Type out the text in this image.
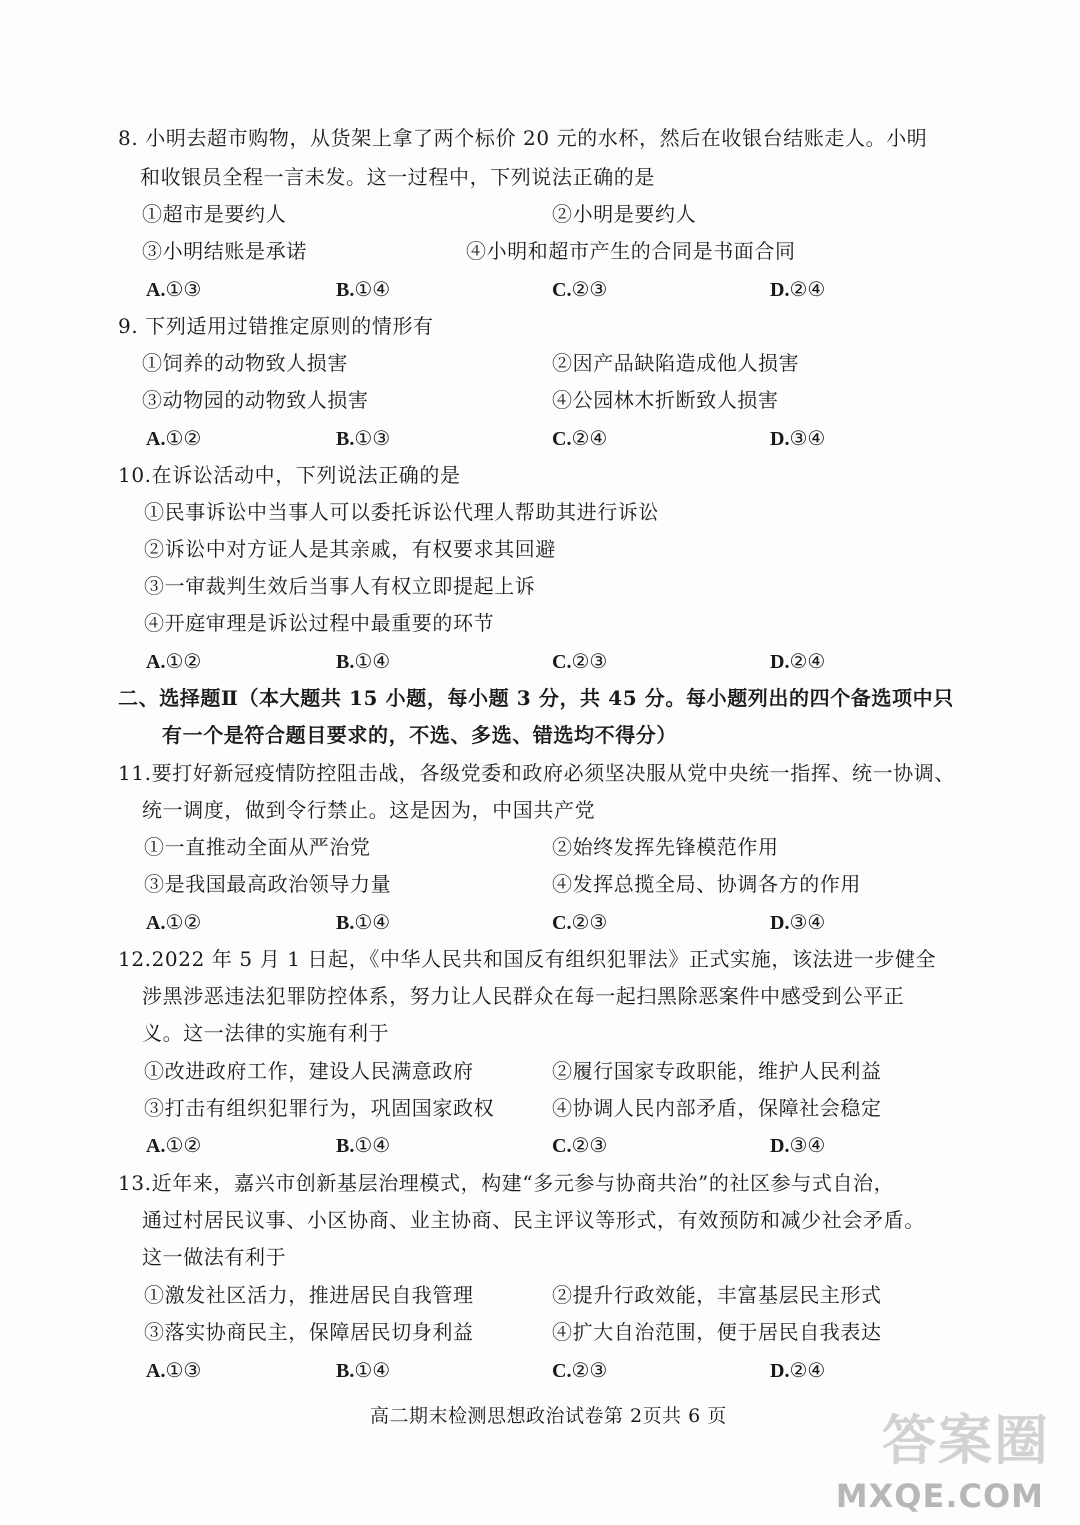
8. 小明去超市购物，从货架上拿了两个标价 20 元的水杯，然后在收银台结账走人。小明
和收银员全程一言未发。这一过程中，下列说法正确的是
①超市是要约人	②小明是要约人
③小明结账是承诺	④小明和超市产生的合同是书面合同
A.①③	B.①④	C.②③	D.②④
9. 下列适用过错推定原则的情形有
①饲养的动物致人损害	②因产品缺陷造成他人损害
③动物园的动物致人损害	④公园林木折断致人损害
A.①②	B.①③	C.②④	D.③④
10.在诉讼活动中，下列说法正确的是
①民事诉讼中当事人可以委托诉讼代理人帮助其进行诉讼
②诉讼中对方证人是其亲戚，有权要求其回避
③一审裁判生效后当事人有权立即提起上诉
④开庭审理是诉讼过程中最重要的环节
A.①②	B.①④	C.②③	D.②④
二、选择题Ⅱ（本大题共 15 小题，每小题 3 分，共 45 分。每小题列出的四个备选项中只
有一个是符合题目要求的，不选、多选、错选均不得分）
11.要打好新冠疫情防控阻击战，各级党委和政府必须坚决服从党中央统一指挥、统一协调、
统一调度，做到令行禁止。这是因为，中国共产党
①一直推动全面从严治党	②始终发挥先锋模范作用
③是我国最高政治领导力量	④发挥总揽全局、协调各方的作用
A.①②	B.①④	C.②③	D.③④
12.2022 年 5 月 1 日起，《中华人民共和国反有组织犯罪法》正式实施，该法进一步健全
涉黑涉恶违法犯罪防控体系，努力让人民群众在每一起扫黑除恶案件中感受到公平正
义。这一法律的实施有利于
①改进政府工作，建设人民满意政府	②履行国家专政职能，维护人民利益
③打击有组织犯罪行为，巩固国家政权	④协调人民内部矛盾，保障社会稳定
A.①②	B.①④	C.②③	D.③④
13.近年来，嘉兴市创新基层治理模式，构建“多元参与协商共治”的社区参与式自治，
通过村居民议事、小区协商、业主协商、民主评议等形式，有效预防和减少社会矛盾。
这一做法有利于
①激发社区活力，推进居民自我管理	②提升行政效能，丰富基层民主形式
③落实协商民主，保障居民切身利益	④扩大自治范围，便于居民自我表达
A.①③	B.①④	C.②③	D.②④
高二期末检测思想政治试卷第 2页共 6 页	答案圈
MXQE.COM
